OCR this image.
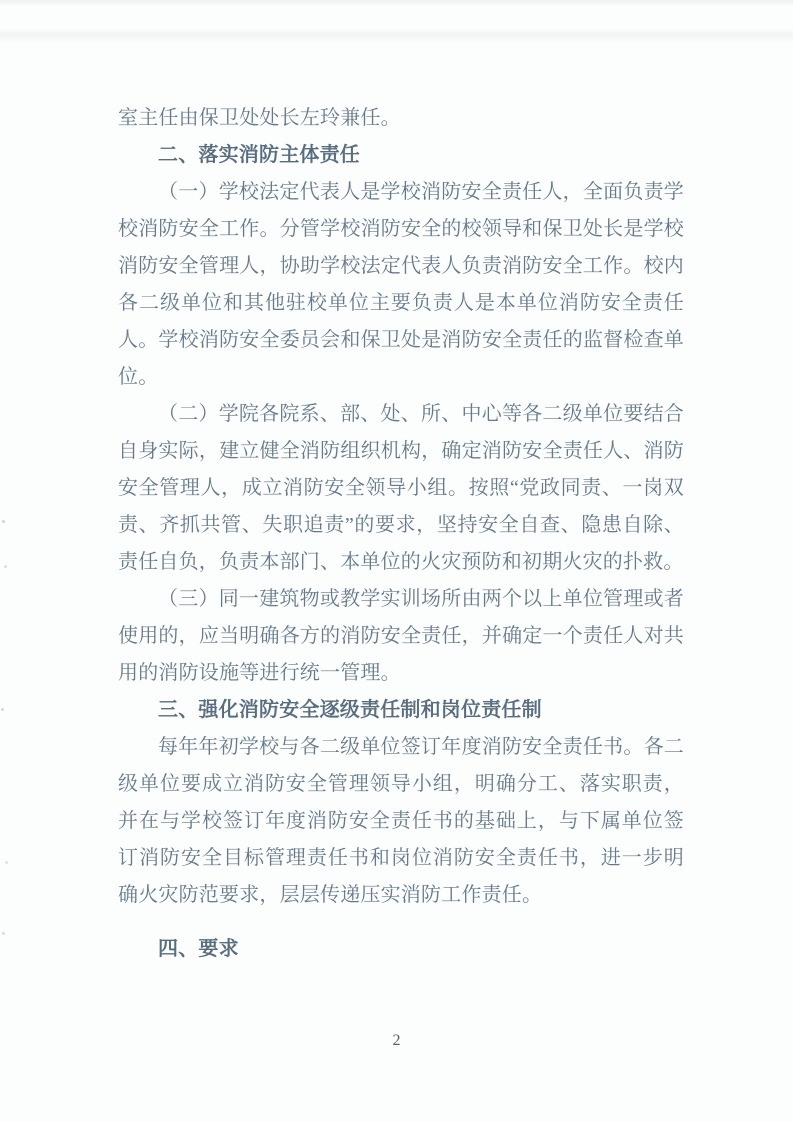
室主任由保卫处处长左玲兼任。
二、落实消防主体责任
（一）学校法定代表人是学校消防安全责任人，全面负责学
校消防安全工作。分管学校消防安全的校领导和保卫处长是学校
消防安全管理人，协助学校法定代表人负责消防安全工作。校内
各二级单位和其他驻校单位主要负责人是本单位消防安全责任
人。学校消防安全委员会和保卫处是消防安全责任的监督检查单
位。
（二）学院各院系、部、处、所、中心等各二级单位要结合
自身实际，建立健全消防组织机构，确定消防安全责任人、消防
安全管理人，成立消防安全领导小组。按照“党政同责、一岗双
责、齐抓共管、失职追责”的要求，坚持安全自查、隐患自除、
责任自负，负责本部门、本单位的火灾预防和初期火灾的扑救。
（三）同一建筑物或教学实训场所由两个以上单位管理或者
使用的，应当明确各方的消防安全责任，并确定一个责任人对共
用的消防设施等进行统一管理。
三、强化消防安全逐级责任制和岗位责任制
每年年初学校与各二级单位签订年度消防安全责任书。各二
级单位要成立消防安全管理领导小组，明确分工、落实职责，
并在与学校签订年度消防安全责任书的基础上，与下属单位签
订消防安全目标管理责任书和岗位消防安全责任书，进一步明
确火灾防范要求，层层传递压实消防工作责任。
四、要求
2
